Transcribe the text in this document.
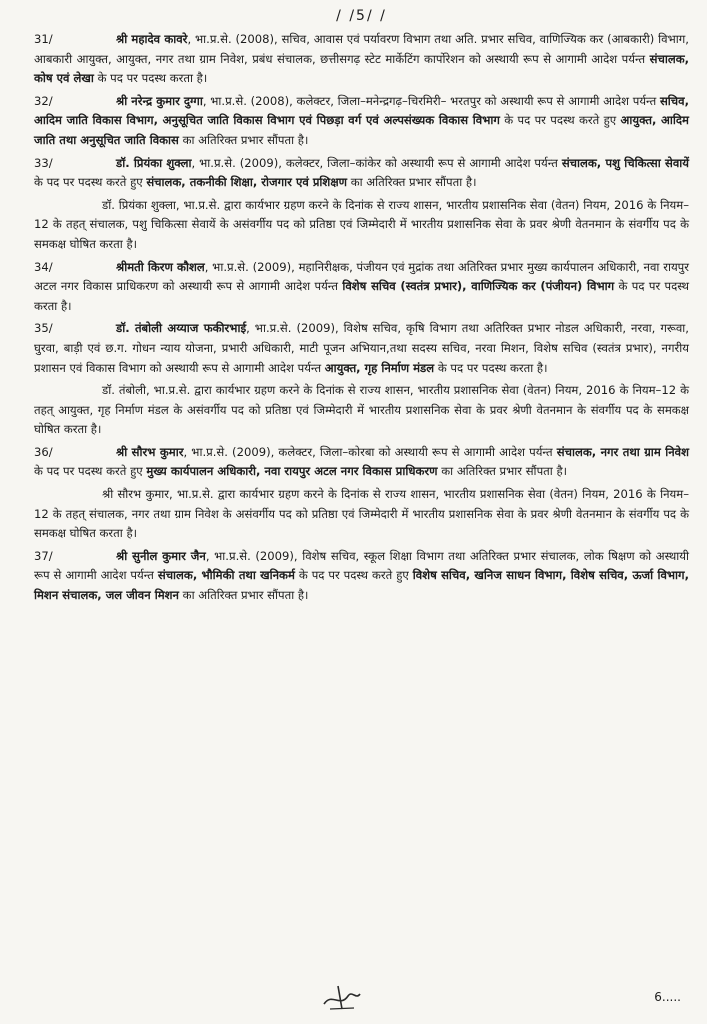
/ /5/ /

31/	श्री महादेव कावरे, भा.प्र.से. (2008), सचिव, आवास एवं पर्यावरण विभाग तथा अति. प्रभार सचिव, वाणिज्यिक कर (आबकारी) विभाग, आबकारी आयुक्त, आयुक्त, नगर तथा ग्राम निवेश, प्रबंध संचालक, छत्तीसगढ़ स्टेट मार्केटिंग कार्पोरेशन को अस्थायी रूप से आगामी आदेश पर्यन्त संचालक, कोष एवं लेखा के पद पर पदस्थ करता है।

32/	श्री नरेन्द्र कुमार दुग्गा, भा.प्र.से. (2008), कलेक्टर, जिला–मनेन्द्रगढ़–चिरमिरी– भरतपुर को अस्थायी रूप से आगामी आदेश पर्यन्त सचिव, आदिम जाति विकास विभाग, अनुसूचित जाति विकास विभाग एवं पिछड़ा वर्ग एवं अल्पसंख्यक विकास विभाग के पद पर पदस्थ करते हुए आयुक्त, आदिम जाति तथा अनुसूचित जाति विकास का अतिरिक्त प्रभार सौंपता है।

33/	डॉ. प्रियंका शुक्ला, भा.प्र.से. (2009), कलेक्टर, जिला–कांकेर को अस्थायी रूप से आगामी आदेश पर्यन्त संचालक, पशु चिकित्सा सेवायें के पद पर पदस्थ करते हुए संचालक, तकनीकी शिक्षा, रोजगार एवं प्रशिक्षण का अतिरिक्त प्रभार सौंपता है।

डॉ. प्रियंका शुक्ला, भा.प्र.से. द्वारा कार्यभार ग्रहण करने के दिनांक से राज्य शासन, भारतीय प्रशासनिक सेवा (वेतन) नियम, 2016 के नियम–12 के तहत् संचालक, पशु चिकित्सा सेवायें के असंवर्गीय पद को प्रतिष्ठा एवं जिम्मेदारी में भारतीय प्रशासनिक सेवा के प्रवर श्रेणी वेतनमान के संवर्गीय पद के समकक्ष घोषित करता है।

34/	श्रीमती किरण कौशल, भा.प्र.से. (2009), महानिरीक्षक, पंजीयन एवं मुद्रांक तथा अतिरिक्त प्रभार मुख्य कार्यपालन अधिकारी, नवा रायपुर अटल नगर विकास प्राधिकरण को अस्थायी रूप से आगामी आदेश पर्यन्त विशेष सचिव (स्वतंत्र प्रभार), वाणिज्यिक कर (पंजीयन) विभाग के पद पर पदस्थ करता है।

35/	डॉ. तंबोली अय्याज फकीरभाई, भा.प्र.से. (2009), विशेष सचिव, कृषि विभाग तथा अतिरिक्त प्रभार नोडल अधिकारी, नरवा, गरूवा, घुरवा, बाड़ी एवं छ.ग. गोधन न्याय योजना, प्रभारी अधिकारी, माटी पूजन अभियान,तथा सदस्य सचिव, नरवा मिशन, विशेष सचिव (स्वतंत्र प्रभार), नगरीय प्रशासन एवं विकास विभाग को अस्थायी रूप से आगामी आदेश पर्यन्त आयुक्त, गृह निर्माण मंडल के पद पर पदस्थ करता है।

डॉ. तंबोली, भा.प्र.से. द्वारा कार्यभार ग्रहण करने के दिनांक से राज्य शासन, भारतीय प्रशासनिक सेवा (वेतन) नियम, 2016 के नियम–12 के तहत् आयुक्त, गृह निर्माण मंडल के असंवर्गीय पद को प्रतिष्ठा एवं जिम्मेदारी में भारतीय प्रशासनिक सेवा के प्रवर श्रेणी वेतनमान के संवर्गीय पद के समकक्ष घोषित करता है।

36/	श्री सौरभ कुमार, भा.प्र.से. (2009), कलेक्टर, जिला–कोरबा को अस्थायी रूप से आगामी आदेश पर्यन्त संचालक, नगर तथा ग्राम निवेश के पद पर पदस्थ करते हुए मुख्य कार्यपालन अधिकारी, नवा रायपुर अटल नगर विकास प्राधिकरण का अतिरिक्त प्रभार सौंपता है।

श्री सौरभ कुमार, भा.प्र.से. द्वारा कार्यभार ग्रहण करने के दिनांक से राज्य शासन, भारतीय प्रशासनिक सेवा (वेतन) नियम, 2016 के नियम–12 के तहत् संचालक, नगर तथा ग्राम निवेश के असंवर्गीय पद को प्रतिष्ठा एवं जिम्मेदारी में भारतीय प्रशासनिक सेवा के प्रवर श्रेणी वेतनमान के संवर्गीय पद के समकक्ष घोषित करता है।

37/	श्री सुनील कुमार जैन, भा.प्र.से. (2009), विशेष सचिव, स्कूल शिक्षा विभाग तथा अतिरिक्त प्रभार संचालक, लोक षिक्षण को अस्थायी रूप से आगामी आदेश पर्यन्त संचालक, भौमिकी तथा खनिकर्म के पद पर पदस्थ करते हुए विशेष सचिव, खनिज साधन विभाग, विशेष सचिव, ऊर्जा विभाग, मिशन संचालक, जल जीवन मिशन का अतिरिक्त प्रभार सौंपता है।

6.....
